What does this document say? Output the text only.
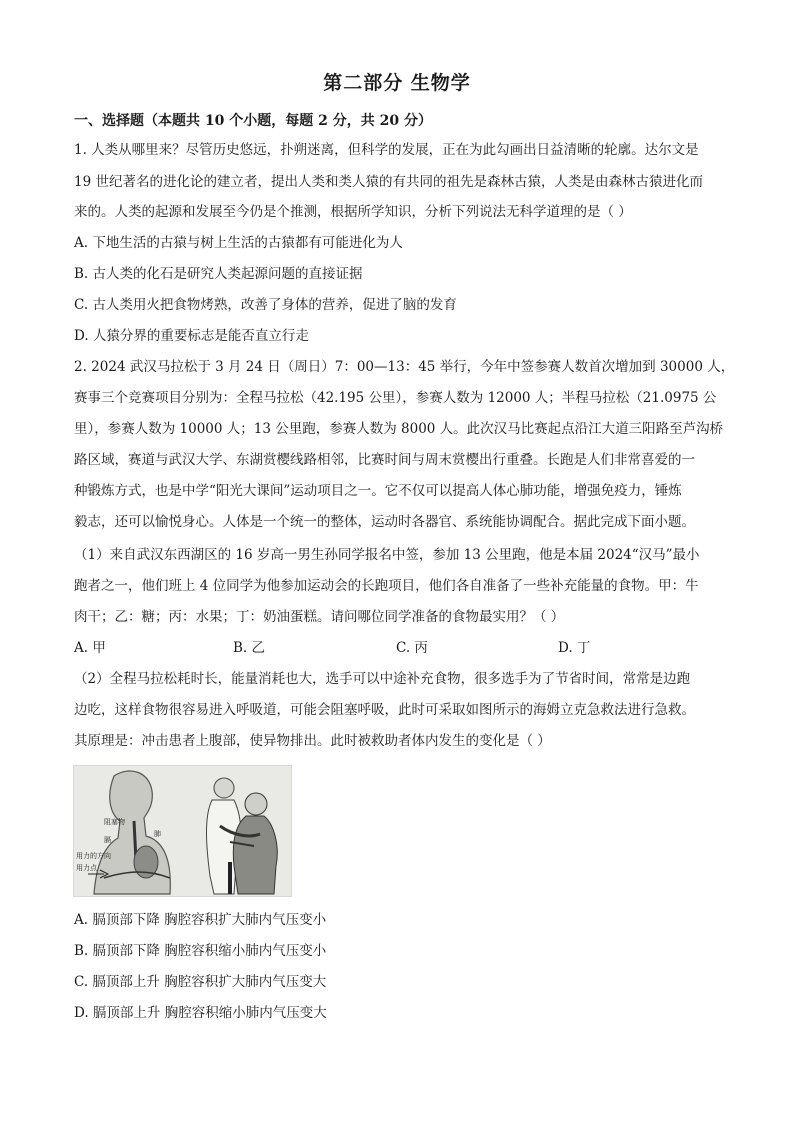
第二部分 生物学
一、选择题（本题共 10 个小题，每题 2 分，共 20 分）
1. 人类从哪里来？尽管历史悠远，扑朔迷离，但科学的发展，正在为此勾画出日益清晰的轮廓。达尔文是
19 世纪著名的进化论的建立者，提出人类和类人猿的有共同的祖先是森林古猿，人类是由森林古猿进化而
来的。人类的起源和发展至今仍是个推测，根据所学知识，分析下列说法无科学道理的是（ ）
A. 下地生活的古猿与树上生活的古猿都有可能进化为人
B. 古人类的化石是研究人类起源问题的直接证据
C. 古人类用火把食物烤熟，改善了身体的营养，促进了脑的发育
D. 人猿分界的重要标志是能否直立行走
2. 2024 武汉马拉松于 3 月 24 日（周日）7：00—13：45 举行，今年中签参赛人数首次增加到 30000 人，
赛事三个竞赛项目分别为：全程马拉松（42.195 公里），参赛人数为 12000 人；半程马拉松（21.0975 公
里），参赛人数为 10000 人；13 公里跑，参赛人数为 8000 人。此次汉马比赛起点沿江大道三阳路至芦沟桥
路区域，赛道与武汉大学、东湖赏樱线路相邻，比赛时间与周末赏樱出行重叠。长跑是人们非常喜爱的一
种锻炼方式，也是中学“阳光大课间”运动项目之一。它不仅可以提高人体心肺功能，增强免疫力，锤炼
毅志，还可以愉悦身心。人体是一个统一的整体，运动时各器官、系统能协调配合。据此完成下面小题。
（1）来自武汉东西湖区的 16 岁高一男生孙同学报名中签，参加 13 公里跑，他是本届 2024“汉马”最小
跑者之一，他们班上 4 位同学为他参加运动会的长跑项目，他们各自准备了一些补充能量的食物。甲：牛
肉干；乙：糖；丙：水果；丁：奶油蛋糕。请问哪位同学准备的食物最实用？（ ）
A. 甲	B. 乙	C. 丙	D. 丁
（2）全程马拉松耗时长，能量消耗也大，选手可以中途补充食物，很多选手为了节省时间，常常是边跑
边吃，这样食物很容易进入呼吸道，可能会阻塞呼吸，此时可采取如图所示的海姆立克急救法进行急救。
其原理是：冲击患者上腹部，使异物排出。此时被救助者体内发生的变化是（ ）
阻塞物
膈
肺
用力的方向
用力点
A. 膈顶部下降 胸腔容积扩大肺内气压变小
B. 膈顶部下降 胸腔容积缩小肺内气压变小
C. 膈顶部上升 胸腔容积扩大肺内气压变大
D. 膈顶部上升 胸腔容积缩小肺内气压变大
